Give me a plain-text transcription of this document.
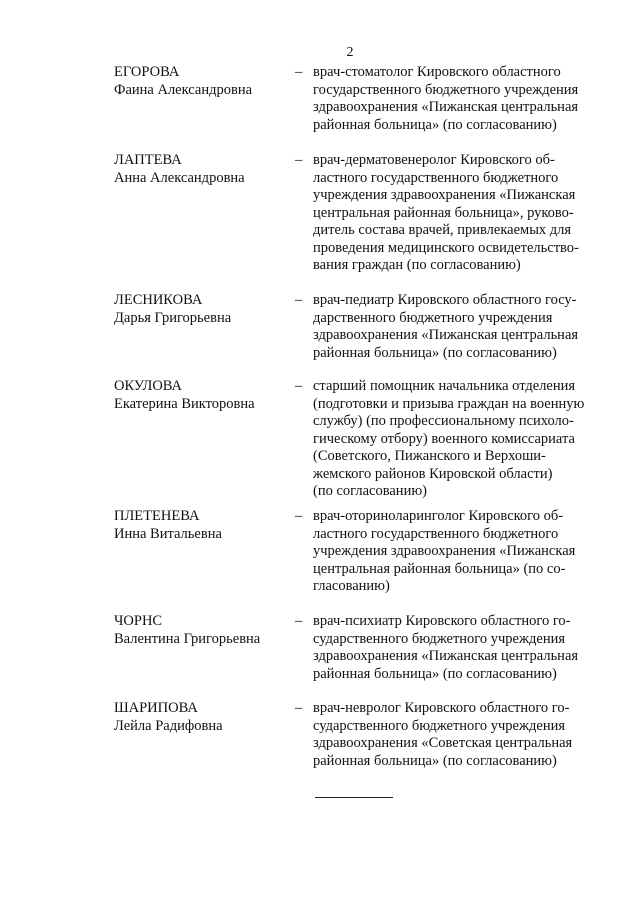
2
ЕГОРОВА
Фаина Александровна
– врач-стоматолог Кировского областного
государственного бюджетного учреждения
здравоохранения «Пижанская центральная
районная больница» (по согласованию)
ЛАПТЕВА
Анна Александровна
– врач-дерматовенеролог Кировского об-
ластного государственного бюджетного
учреждения здравоохранения «Пижанская
центральная районная больница», руково-
дитель состава врачей, привлекаемых для
проведения медицинского освидетельство-
вания граждан (по согласованию)
ЛЕСНИКОВА
Дарья Григорьевна
– врач-педиатр Кировского областного госу-
дарственного бюджетного учреждения
здравоохранения «Пижанская центральная
районная больница» (по согласованию)
ОКУЛОВА
Екатерина Викторовна
– старший помощник начальника отделения
(подготовки и призыва граждан на военную
службу) (по профессиональному психоло-
гическому отбору) военного комиссариата
(Советского, Пижанского и Верхоши-
жемского районов Кировской области)
(по согласованию)
ПЛЕТЕНЕВА
Инна Витальевна
– врач-оториноларинголог Кировского об-
ластного государственного бюджетного
учреждения здравоохранения «Пижанская
центральная районная больница» (по со-
гласованию)
ЧОРНС
Валентина Григорьевна
– врач-психиатр Кировского областного го-
сударственного бюджетного учреждения
здравоохранения «Пижанская центральная
районная больница» (по согласованию)
ШАРИПОВА
Лейла Радифовна
– врач-невролог Кировского областного го-
сударственного бюджетного учреждения
здравоохранения «Советская центральная
районная больница» (по согласованию)
